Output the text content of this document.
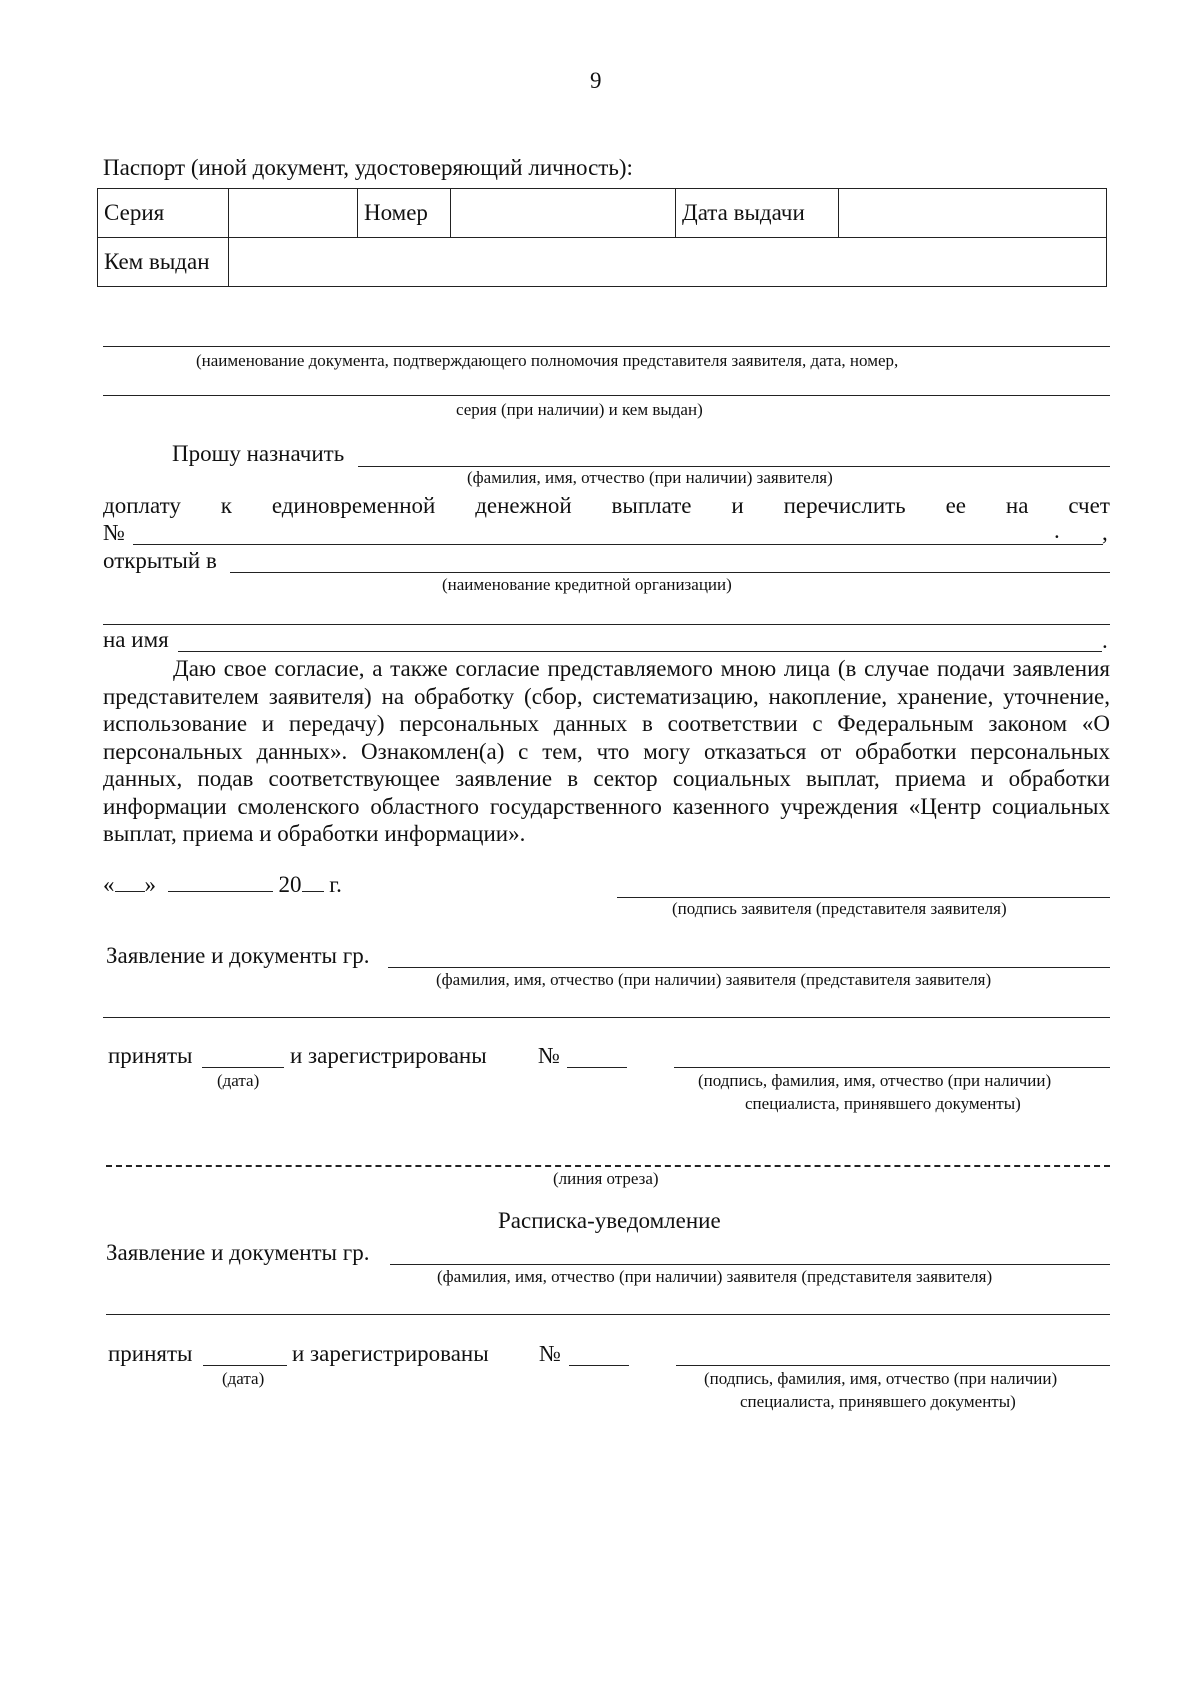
9
Паспорт (иной документ, удостоверяющий личность):
Серия		Номер		Дата выдачи	
Кем выдан					
(наименование документа, подтверждающего полномочия представителя заявителя, дата, номер,
серия (при наличии) и кем выдан)
Прошу назначить
(фамилия, имя, отчество (при наличии) заявителя)
доплату к единовременной денежной выплате и перечислить ее на счет
№	. ,
открытый в
(наименование кредитной организации)
на имя	.

Даю свое согласие, а также согласие представляемого мною лица (в случае подачи заявления представителем заявителя) на обработку (сбор, систематизацию, накопление, хранение, уточнение, использование и передачу) персональных данных в соответствии с Федеральным законом «О персональных данных». Ознакомлен(а) с тем, что могу отказаться от обработки персональных данных, подав соответствующее заявление в сектор социальных выплат, приема и обработки информации смоленского областного государственного казенного учреждения «Центр социальных выплат, приема и обработки информации».

« »	20 г.
(подпись заявителя (представителя заявителя)
Заявление и документы гр.
(фамилия, имя, отчество (при наличии) заявителя (представителя заявителя)
приняты	и зарегистрированы №
(дата)	(подпись, фамилия, имя, отчество (при наличии)
специалиста, принявшего документы)
(линия отреза)
Расписка-уведомление
Заявление и документы гр.
(фамилия, имя, отчество (при наличии) заявителя (представителя заявителя)
приняты	и зарегистрированы №
(дата)	(подпись, фамилия, имя, отчество (при наличии)
специалиста, принявшего документы)
